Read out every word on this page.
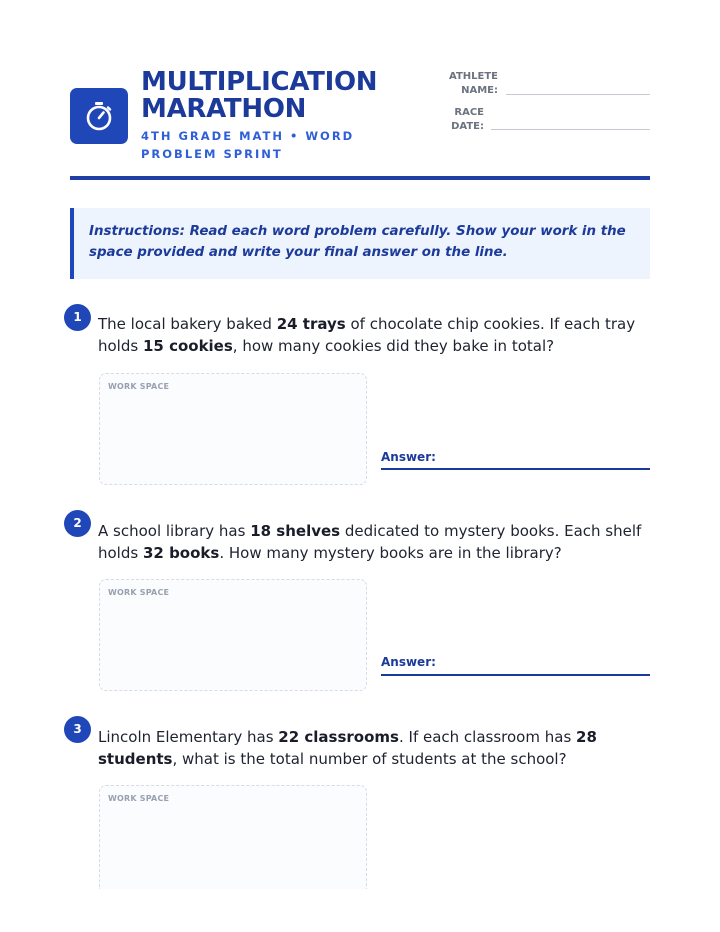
MULTIPLICATION
MARATHON
4TH GRADE MATH • WORD PROBLEM SPRINT
ATHLETE
NAME:
RACE
DATE:
Instructions: Read each word problem carefully. Show your work in the space provided and write your final answer on the line.
1	The local bakery baked 24 trays of chocolate chip cookies. If each tray holds 15 cookies, how many cookies did they bake in total?
WORK SPACE
Answer:
2	A school library has 18 shelves dedicated to mystery books. Each shelf holds 32 books. How many mystery books are in the library?
WORK SPACE
Answer:
3	Lincoln Elementary has 22 classrooms. If each classroom has 28 students, what is the total number of students at the school?
WORK SPACE
